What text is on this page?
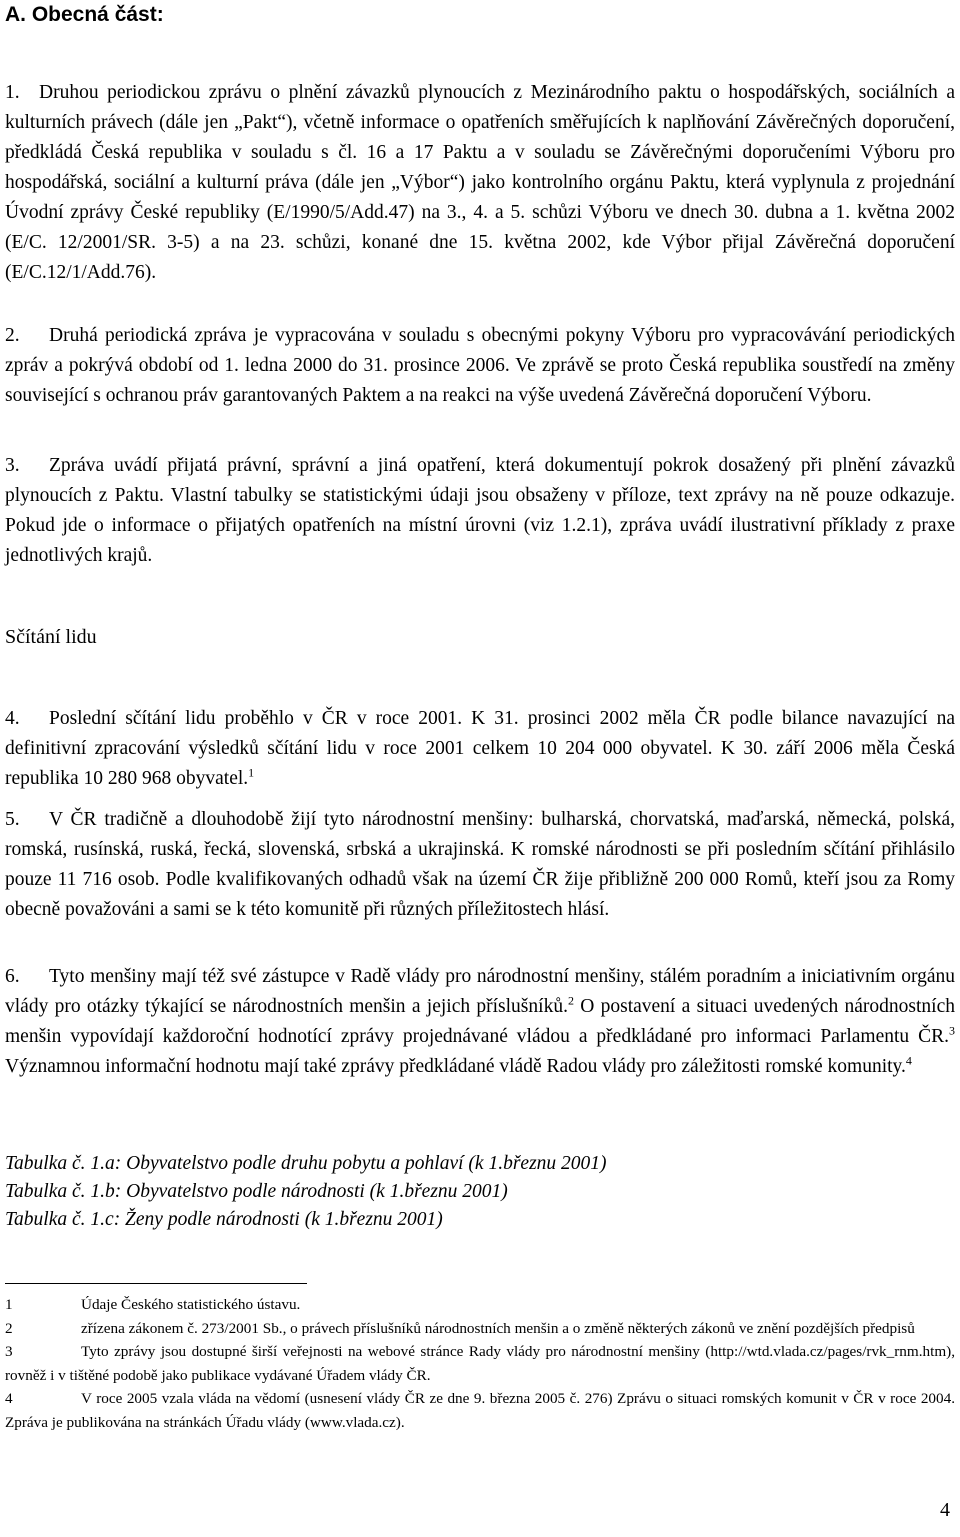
A. Obecná část:

1. Druhou periodickou zprávu o plnění závazků plynoucích z Mezinárodního paktu o hospodářských, sociálních a kulturních právech (dále jen „Pakt“), včetně informace o opatřeních směřujících k naplňování Závěrečných doporučení, předkládá Česká republika v souladu s čl. 16 a 17 Paktu a v souladu se Závěrečnými doporučeními Výboru pro hospodářská, sociální a kulturní práva (dále jen „Výbor“) jako kontrolního orgánu Paktu, která vyplynula z projednání Úvodní zprávy České republiky (E/1990/5/Add.47) na 3., 4. a 5. schůzi Výboru ve dnech 30. dubna a 1. května 2002 (E/C. 12/2001/SR. 3-5) a na 23. schůzi, konané dne 15. května 2002, kde Výbor přijal Závěrečná doporučení (E/C.12/1/Add.76).

2. Druhá periodická zpráva je vypracována v souladu s obecnými pokyny Výboru pro vypracovávání periodických zpráv a pokrývá období od 1. ledna 2000 do 31. prosince 2006. Ve zprávě se proto Česká republika soustředí na změny související s ochranou práv garantovaných Paktem a na reakci na výše uvedená Závěrečná doporučení Výboru.

3. Zpráva uvádí přijatá právní, správní a jiná opatření, která dokumentují pokrok dosažený při plnění závazků plynoucích z Paktu. Vlastní tabulky se statistickými údaji jsou obsaženy v příloze, text zprávy na ně pouze odkazuje. Pokud jde o informace o přijatých opatřeních na místní úrovni (viz 1.2.1), zpráva uvádí ilustrativní příklady z praxe jednotlivých krajů.

Sčítání lidu

4. Poslední sčítání lidu proběhlo v ČR v roce 2001. K 31. prosinci 2002 měla ČR podle bilance navazující na definitivní zpracování výsledků sčítání lidu v roce 2001 celkem 10 204 000 obyvatel. K 30. září 2006 měla Česká republika 10 280 968 obyvatel.$^1$

5. V ČR tradičně a dlouhodobě žijí tyto národnostní menšiny: bulharská, chorvatská, maďarská, německá, polská, romská, rusínská, ruská, řecká, slovenská, srbská a ukrajinská. K romské národnosti se při posledním sčítání přihlásilo pouze 11 716 osob. Podle kvalifikovaných odhadů však na území ČR žije přibližně 200 000 Romů, kteří jsou za Romy obecně považováni a sami se k této komunitě při různých příležitostech hlásí.

6. Tyto menšiny mají též své zástupce v Radě vlády pro národnostní menšiny, stálém poradním a iniciativním orgánu vlády pro otázky týkající se národnostních menšin a jejich příslušníků.$^2$ O postavení a situaci uvedených národnostních menšin vypovídají každoroční hodnotící zprávy projednávané vládou a předkládané pro informaci Parlamentu ČR.$^3$ Významnou informační hodnotu mají také zprávy předkládané vládě Radou vlády pro záležitosti romské komunity.$^4$

Tabulka č. 1.a: Obyvatelstvo podle druhu pobytu a pohlaví (k 1.březnu 2001)
Tabulka č. 1.b: Obyvatelstvo podle národnosti (k 1.březnu 2001)
Tabulka č. 1.c: Ženy podle národnosti (k 1.březnu 2001)

1	Údaje Českého statistického ústavu.

2	zřízena zákonem č. 273/2001 Sb., o právech příslušníků národnostních menšin a o změně některých zákonů ve znění pozdějších předpisů

3	Tyto zprávy jsou dostupné širší veřejnosti na webové stránce Rady vlády pro národnostní menšiny (http://wtd.vlada.cz/pages/rvk_rnm.htm), rovněž i v tištěné podobě jako publikace vydávané Úřadem vlády ČR.

4	V roce 2005 vzala vláda na vědomí (usnesení vlády ČR ze dne 9. března 2005 č. 276) Zprávu o situaci romských komunit v ČR v roce 2004. Zpráva je publikována na stránkách Úřadu vlády (www.vlada.cz).

4
